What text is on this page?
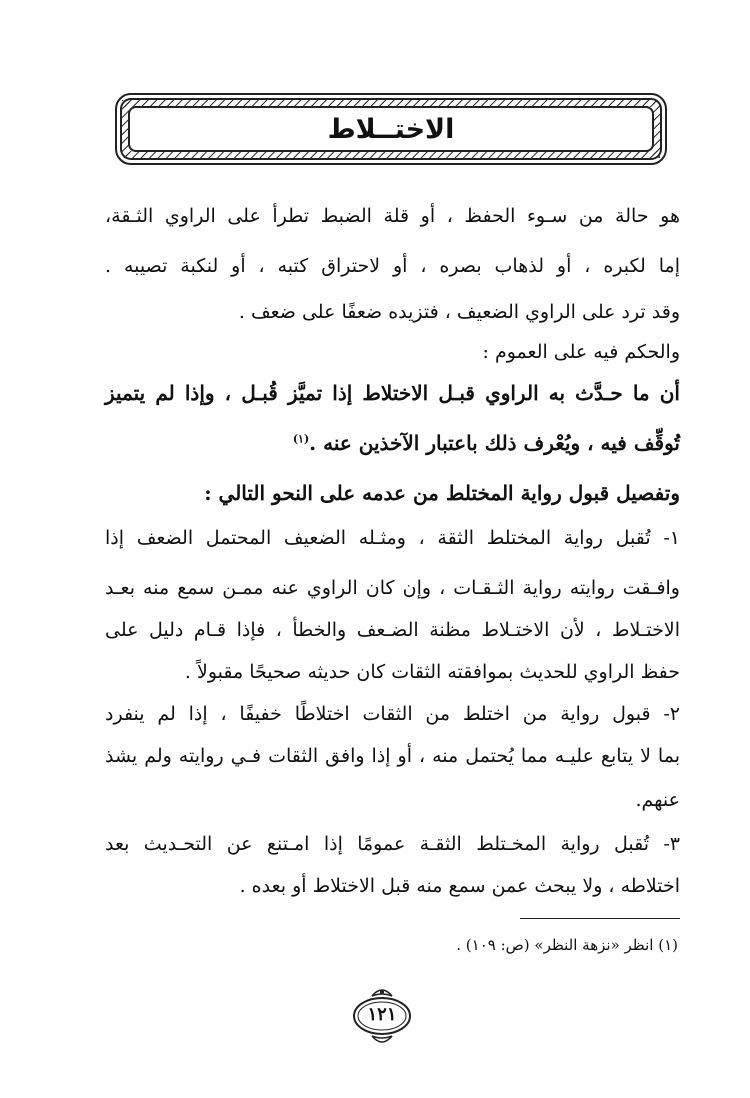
الاختــلاط
هو حالة من سـوء الحفظ ، أو قلة الضبط تطرأ على الراوي الثـقة،
إما لكبره ، أو لذهاب بصره ، أو لاحتراق كتبه ، أو لنكبة تصيبه .
وقد ترد على الراوي الضعيف ، فتزيده ضعفًا على ضعف .
والحكم فيه على العموم :
أن ما حـدَّث به الراوي قبـل الاختلاط إذا تميَّز قُبـل ، وإذا لم يتميز
تُوقِّف فيه ، ويُعْرف ذلك باعتبار الآخذين عنه .$^{(١)}$
وتفصيل قبول رواية المختلط من عدمه على النحو التالي :
١- تُقبل رواية المختلط الثقة ، ومثـله الضعيف المحتمل الضعف إذا
وافـقت روايته رواية الثـقـات ، وإن كان الراوي عنه ممـن سمع منه بعـد
الاختـلاط ، لأن الاختـلاط مظنة الضـعف والخطأ ، فإذا قـام دليل على
حفظ الراوي للحديث بموافقته الثقات كان حديثه صحيحًا مقبولاً .
٢- قبول رواية من اختلط من الثقات اختلاطًا خفيفًا ، إذا لم ينفرد
بما لا يتابع عليـه مما يُحتمل منه ، أو إذا وافق الثقات فـي روايته ولم يشذ
عنهم.
٣- تُقبل رواية المخـتلط الثقـة عمومًا إذا امـتنع عن التحـديث بعد
اختلاطه ، ولا يبحث عمن سمع منه قبل الاختلاط أو بعده .
(١) انظر «نزهة النظر» (ص: ١٠٩) .
١٢١
